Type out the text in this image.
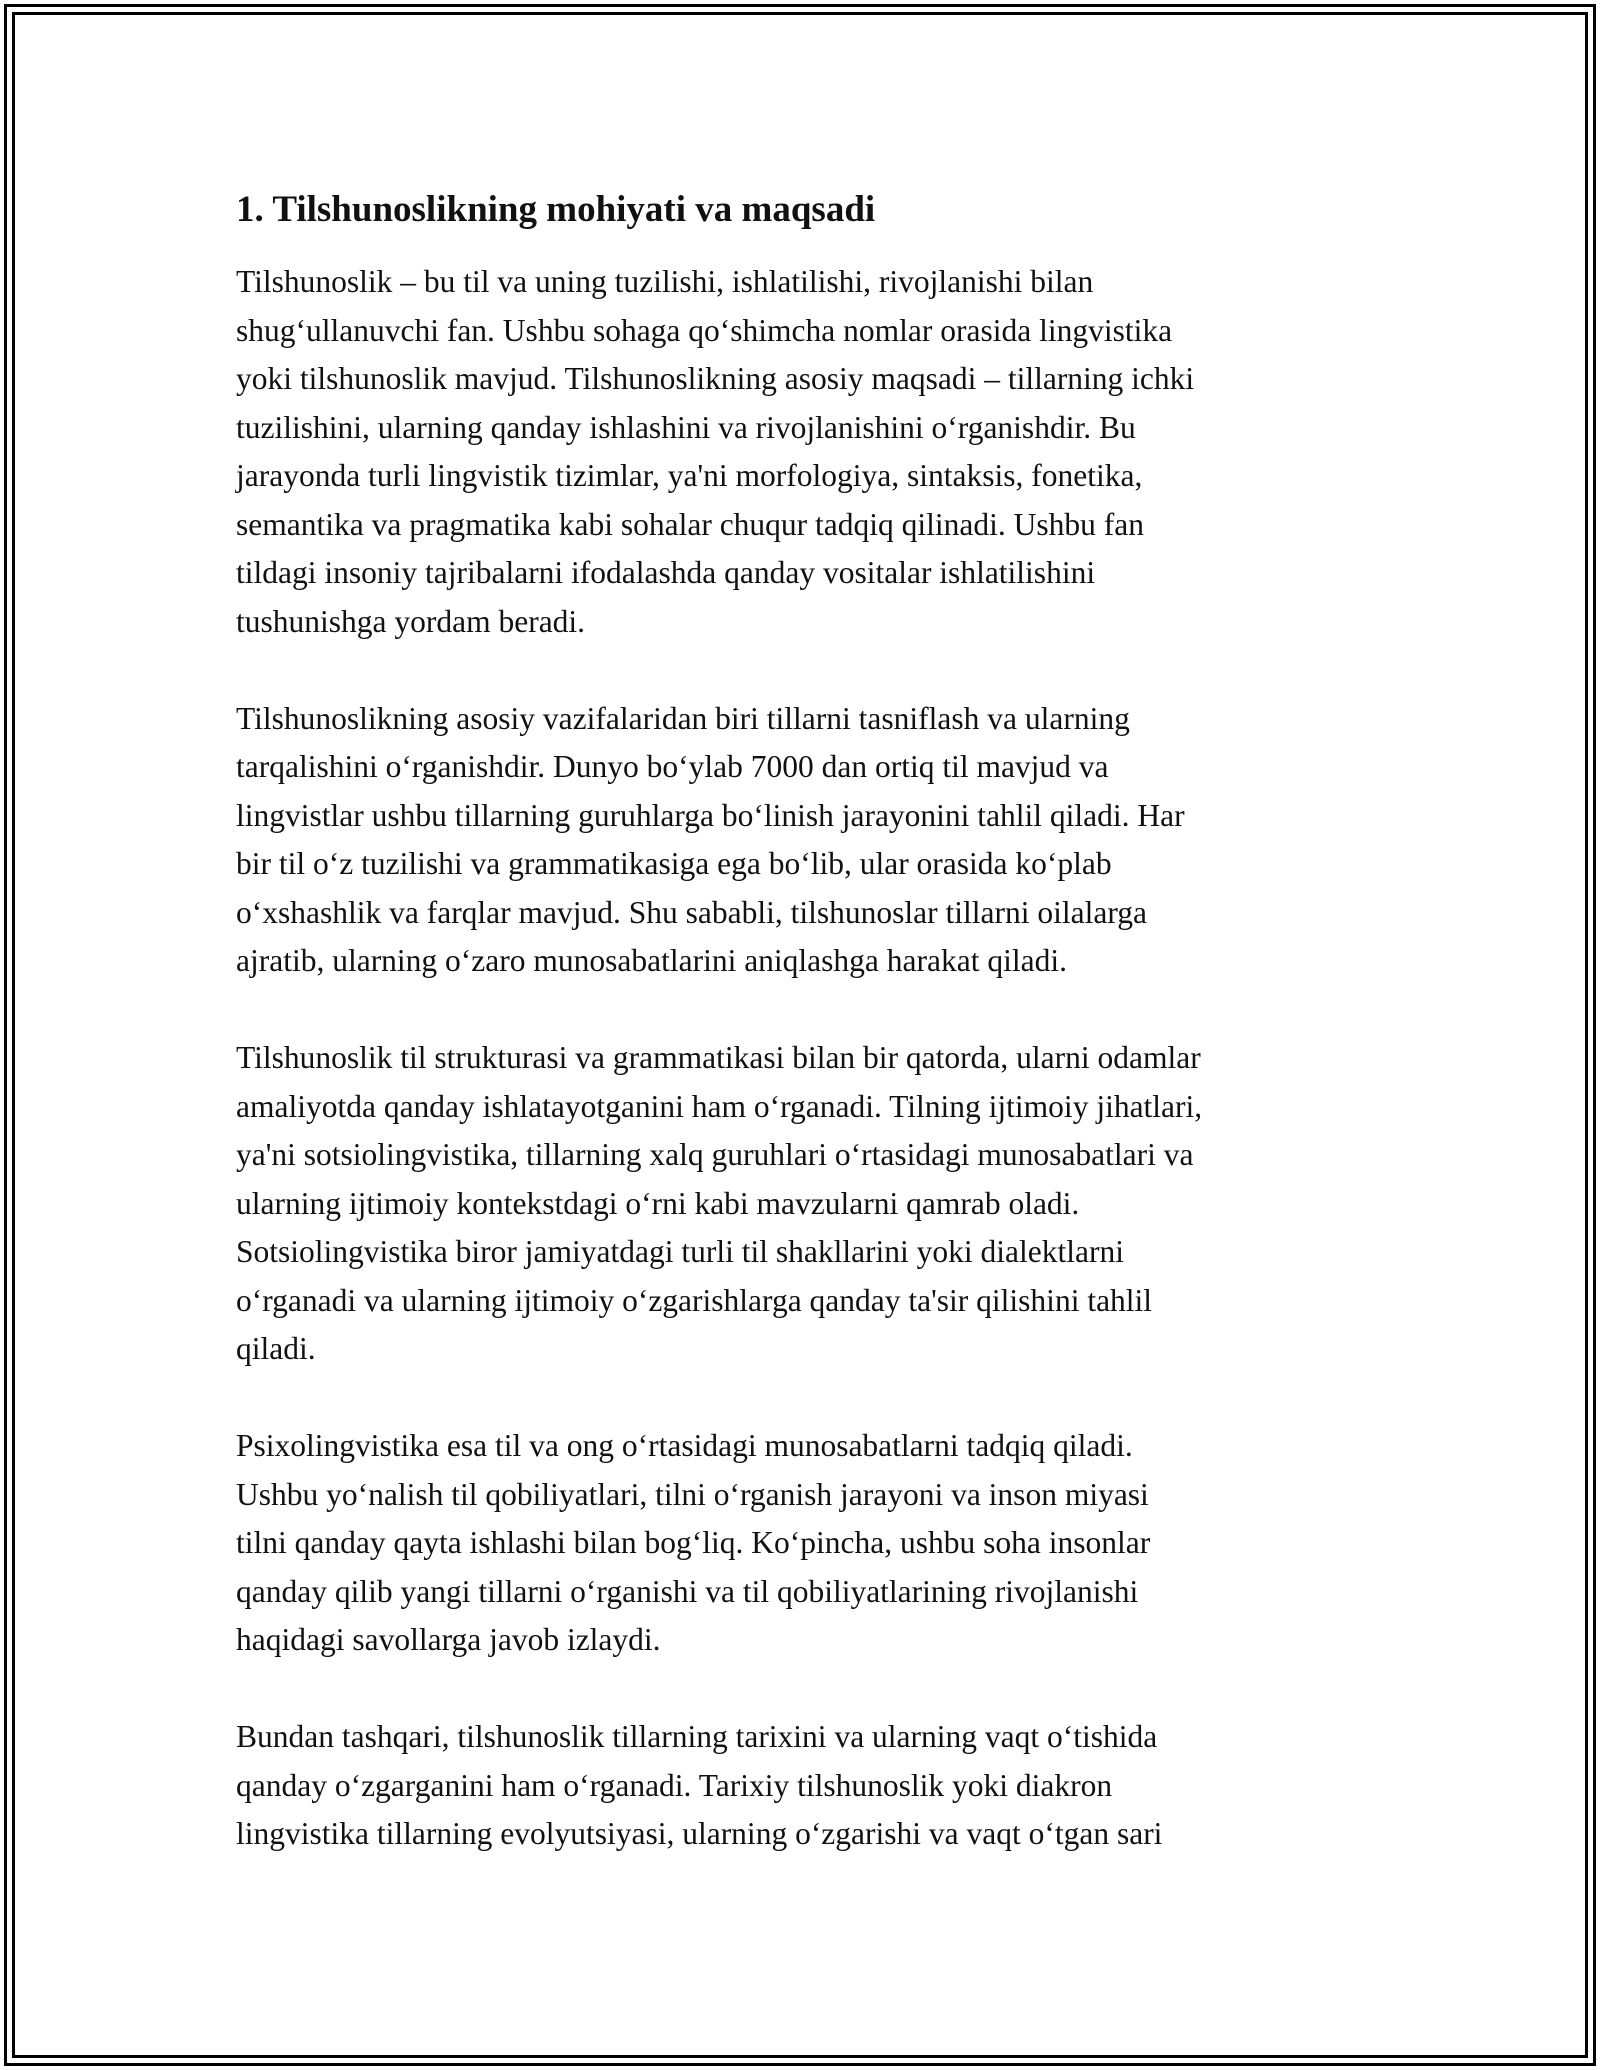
1. Tilshunoslikning mohiyati va maqsadi
Tilshunoslik – bu til va uning tuzilishi, ishlatilishi, rivojlanishi bilan
shug‘ullanuvchi fan. Ushbu sohaga qo‘shimcha nomlar orasida lingvistika
yoki tilshunoslik mavjud. Tilshunoslikning asosiy maqsadi – tillarning ichki
tuzilishini, ularning qanday ishlashini va rivojlanishini o‘rganishdir. Bu
jarayonda turli lingvistik tizimlar, ya'ni morfologiya, sintaksis, fonetika,
semantika va pragmatika kabi sohalar chuqur tadqiq qilinadi. Ushbu fan
tildagi insoniy tajribalarni ifodalashda qanday vositalar ishlatilishini
tushunishga yordam beradi.
Tilshunoslikning asosiy vazifalaridan biri tillarni tasniflash va ularning
tarqalishini o‘rganishdir. Dunyo bo‘ylab 7000 dan ortiq til mavjud va
lingvistlar ushbu tillarning guruhlarga bo‘linish jarayonini tahlil qiladi. Har
bir til o‘z tuzilishi va grammatikasiga ega bo‘lib, ular orasida ko‘plab
o‘xshashlik va farqlar mavjud. Shu sababli, tilshunoslar tillarni oilalarga
ajratib, ularning o‘zaro munosabatlarini aniqlashga harakat qiladi.
Tilshunoslik til strukturasi va grammatikasi bilan bir qatorda, ularni odamlar
amaliyotda qanday ishlatayotganini ham o‘rganadi. Tilning ijtimoiy jihatlari,
ya'ni sotsiolingvistika, tillarning xalq guruhlari o‘rtasidagi munosabatlari va
ularning ijtimoiy kontekstdagi o‘rni kabi mavzularni qamrab oladi.
Sotsiolingvistika biror jamiyatdagi turli til shakllarini yoki dialektlarni
o‘rganadi va ularning ijtimoiy o‘zgarishlarga qanday ta'sir qilishini tahlil
qiladi.
Psixolingvistika esa til va ong o‘rtasidagi munosabatlarni tadqiq qiladi.
Ushbu yo‘nalish til qobiliyatlari, tilni o‘rganish jarayoni va inson miyasi
tilni qanday qayta ishlashi bilan bog‘liq. Ko‘pincha, ushbu soha insonlar
qanday qilib yangi tillarni o‘rganishi va til qobiliyatlarining rivojlanishi
haqidagi savollarga javob izlaydi.
Bundan tashqari, tilshunoslik tillarning tarixini va ularning vaqt o‘tishida
qanday o‘zgarganini ham o‘rganadi. Tarixiy tilshunoslik yoki diakron
lingvistika tillarning evolyutsiyasi, ularning o‘zgarishi va vaqt o‘tgan sari
